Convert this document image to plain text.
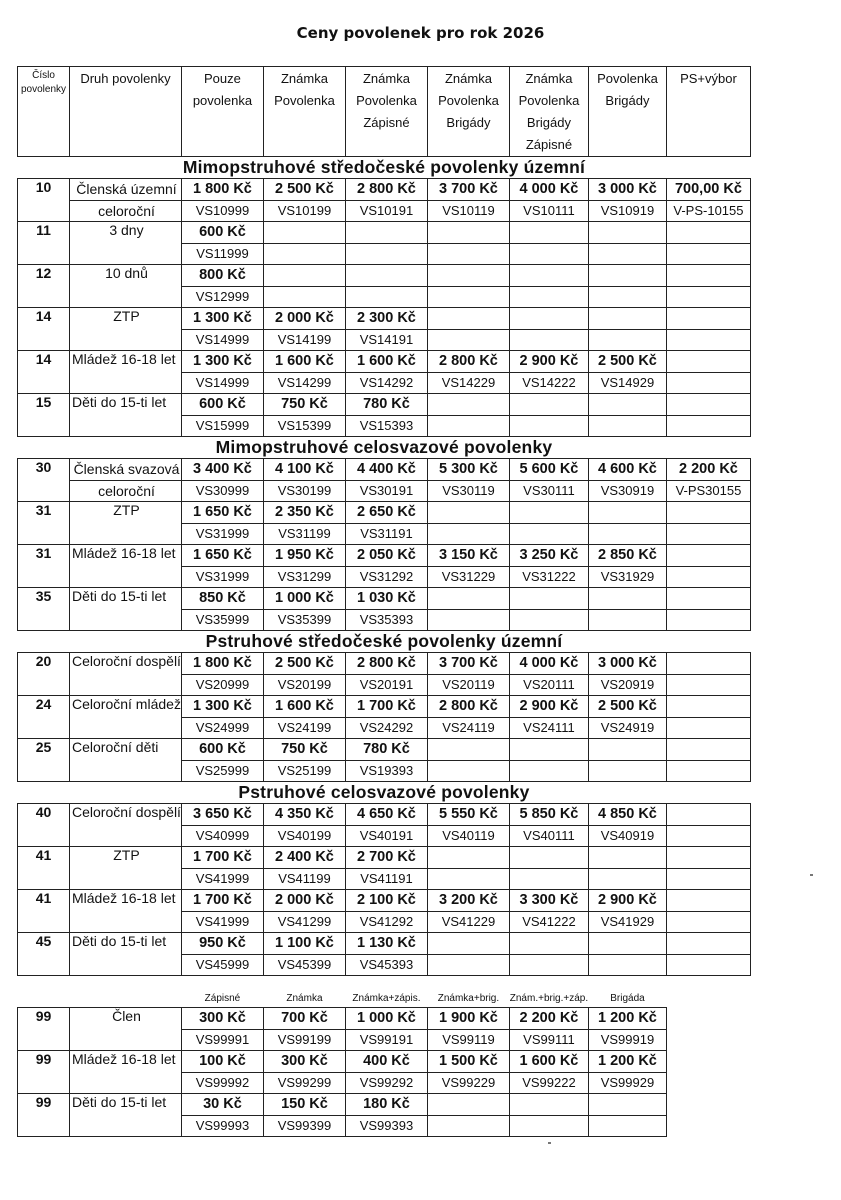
Ceny povolenek pro rok 2026
Číslo povolenky	Druh povolenky	Pouze povolenka	Známka Povolenka	Známka Povolenka Zápisné	Známka Povolenka Brigády	Známka Povolenka Brigády Zápisné	Povolenka Brigády	PS+výbor
Mimopstruhové středočeské povolenky územní								
10	Členská územní	1 800 Kč	2 500 Kč	2 800 Kč	3 700 Kč	4 000 Kč	3 000 Kč	700,00 Kč
	celoroční	VS10999	VS10199	VS10191	VS10119	VS10111	VS10919	V-PS-10155
11	3 dny	600 Kč						
		VS11999						
12	10 dnů	800 Kč						
		VS12999						
14	ZTP	1 300 Kč	2 000 Kč	2 300 Kč				
		VS14999	VS14199	VS14191				
14	Mládež 16-18 let	1 300 Kč	1 600 Kč	1 600 Kč	2 800 Kč	2 900 Kč	2 500 Kč	
		VS14999	VS14299	VS14292	VS14229	VS14222	VS14929	
15	Děti do 15-ti let	600 Kč	750 Kč	780 Kč				
		VS15999	VS15399	VS15393				
Mimopstruhové celosvazové povolenky								
30	Členská svazová	3 400 Kč	4 100 Kč	4 400 Kč	5 300 Kč	5 600 Kč	4 600 Kč	2 200 Kč
	celoroční	VS30999	VS30199	VS30191	VS30119	VS30111	VS30919	V-PS30155
31	ZTP	1 650 Kč	2 350 Kč	2 650 Kč				
		VS31999	VS31199	VS31191				
31	Mládež 16-18 let	1 650 Kč	1 950 Kč	2 050 Kč	3 150 Kč	3 250 Kč	2 850 Kč	
		VS31999	VS31299	VS31292	VS31229	VS31222	VS31929	
35	Děti do 15-ti let	850 Kč	1 000 Kč	1 030 Kč				
		VS35999	VS35399	VS35393				
Pstruhové středočeské povolenky územní								
20	Celoroční dospělí	1 800 Kč	2 500 Kč	2 800 Kč	3 700 Kč	4 000 Kč	3 000 Kč	
		VS20999	VS20199	VS20191	VS20119	VS20111	VS20919	
24	Celoroční mládež	1 300 Kč	1 600 Kč	1 700 Kč	2 800 Kč	2 900 Kč	2 500 Kč	
		VS24999	VS24199	VS24292	VS24119	VS24111	VS24919	
25	Celoroční děti	600 Kč	750 Kč	780 Kč				
		VS25999	VS25199	VS19393				
Pstruhové celosvazové povolenky								
40	Celoroční dospělí	3 650 Kč	4 350 Kč	4 650 Kč	5 550 Kč	5 850 Kč	4 850 Kč	
		VS40999	VS40199	VS40191	VS40119	VS40111	VS40919	
41	ZTP	1 700 Kč	2 400 Kč	2 700 Kč				
		VS41999	VS41199	VS41191				
41	Mládež 16-18 let	1 700 Kč	2 000 Kč	2 100 Kč	3 200 Kč	3 300 Kč	2 900 Kč	
		VS41999	VS41299	VS41292	VS41229	VS41222	VS41929	
45	Děti do 15-ti let	950 Kč	1 100 Kč	1 130 Kč				
		VS45999	VS45399	VS45393				

		Zápisné	Známka	Známka+zápis.	Známka+brig.	Znám.+brig.+záp.	Brigáda	
99	Člen	300 Kč	700 Kč	1 000 Kč	1 900 Kč	2 200 Kč	1 200 Kč	
		VS99991	VS99199	VS99191	VS99119	VS99111	VS99919	
99	Mládež 16-18 let	100 Kč	300 Kč	400 Kč	1 500 Kč	1 600 Kč	1 200 Kč	
		VS99992	VS99299	VS99292	VS99229	VS99222	VS99929	
99	Děti do 15-ti let	30 Kč	150 Kč	180 Kč				
		VS99993	VS99399	VS99393				
